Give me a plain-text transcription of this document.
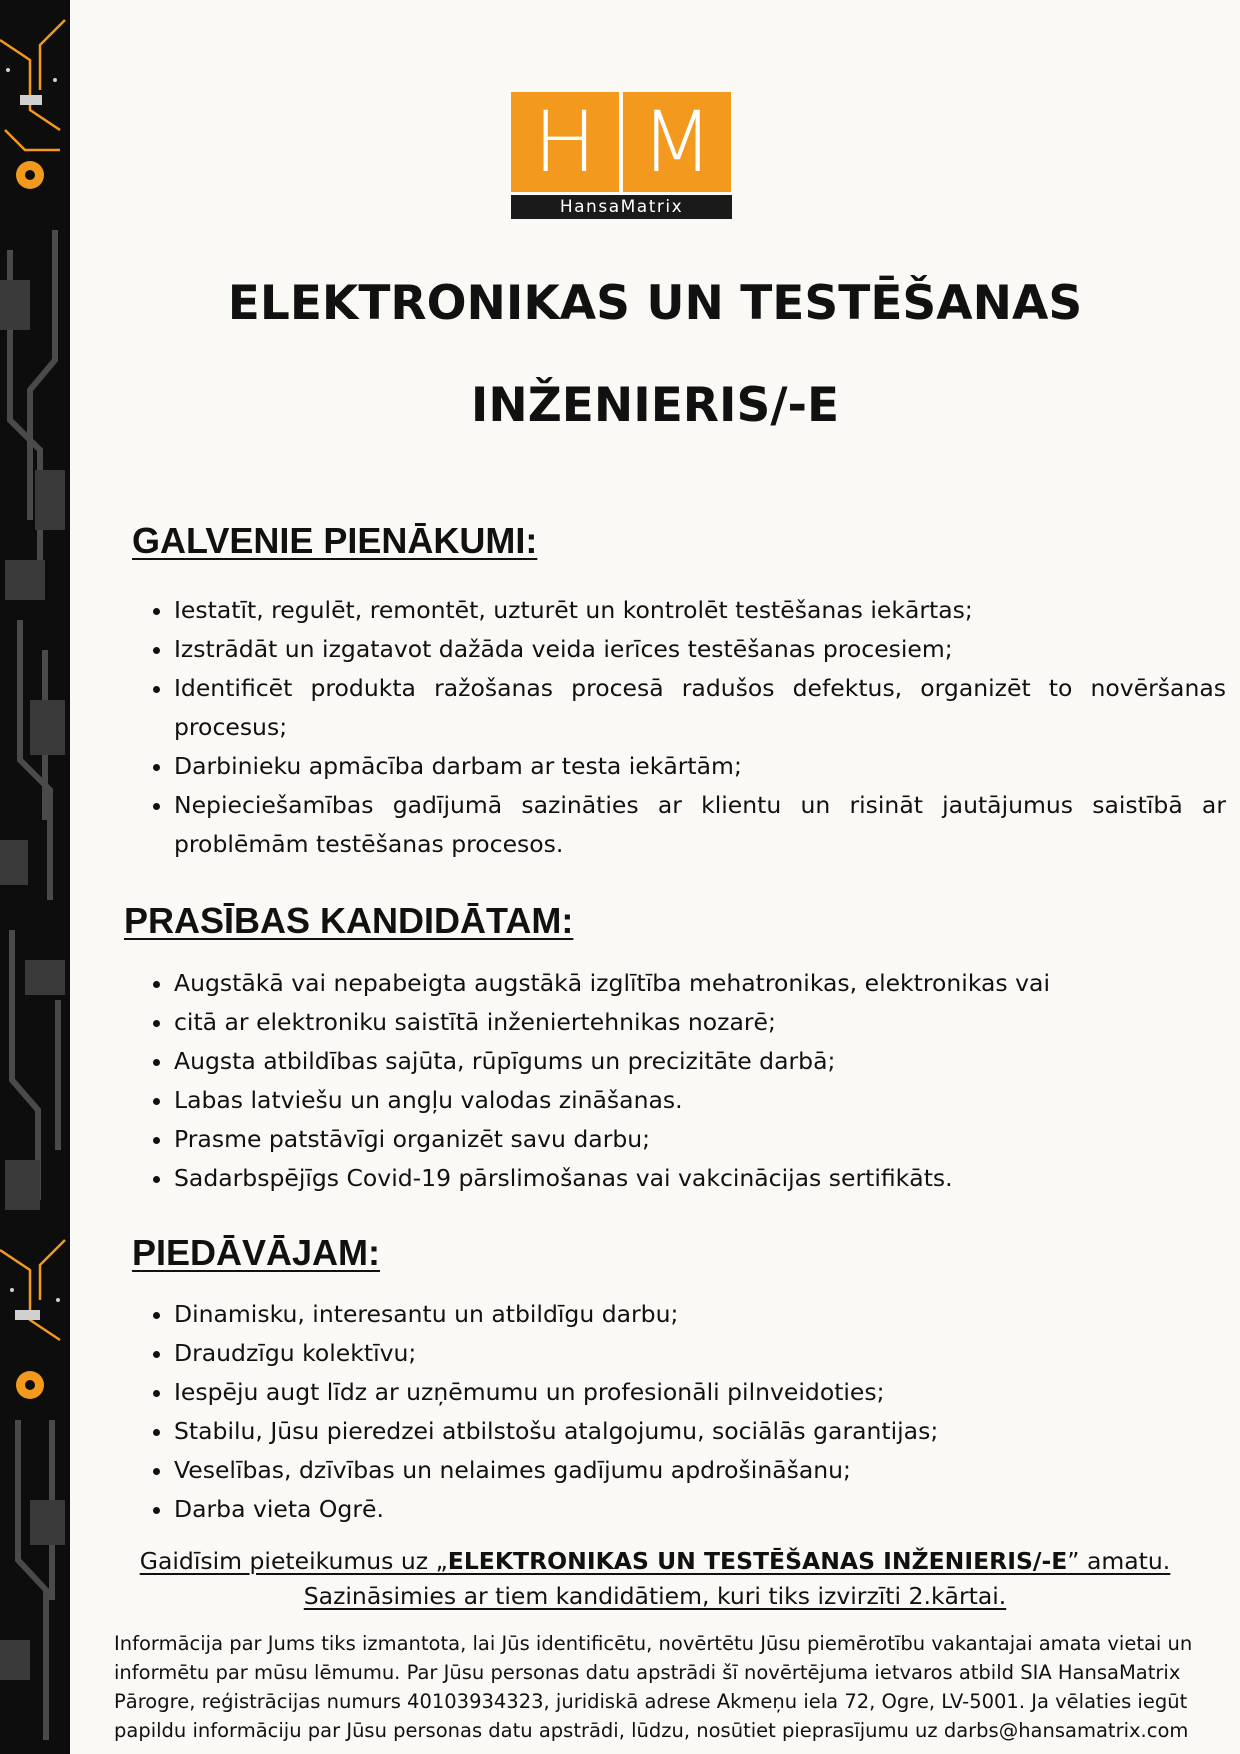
H M
HansaMatrix
ELEKTRONIKAS UN TESTĒŠANAS
INŽENIERIS/-E
GALVENIE PIENĀKUMI:
• Iestatīt, regulēt, remontēt, uzturēt un kontrolēt testēšanas iekārtas;
• Izstrādāt un izgatavot dažāda veida ierīces testēšanas procesiem;
• Identificēt produkta ražošanas procesā radušos defektus, organizēt to novēršanas procesus;
• Darbinieku apmācība darbam ar testa iekārtām;
• Nepieciešamības gadījumā sazināties ar klientu un risināt jautājumus saistībā ar problēmām testēšanas procesos.
PRASĪBAS KANDIDĀTAM:
• Augstākā vai nepabeigta augstākā izglītība mehatronikas, elektronikas vai
• citā ar elektroniku saistītā inženiertehnikas nozarē;
• Augsta atbildības sajūta, rūpīgums un precizitāte darbā;
• Labas latviešu un angļu valodas zināšanas.
• Prasme patstāvīgi organizēt savu darbu;
• Sadarbspējīgs Covid-19 pārslimošanas vai vakcinācijas sertifikāts.
PIEDĀVĀJAM:
• Dinamisku, interesantu un atbildīgu darbu;
• Draudzīgu kolektīvu;
• Iespēju augt līdz ar uzņēmumu un profesionāli pilnveidoties;
• Stabilu, Jūsu pieredzei atbilstošu atalgojumu, sociālās garantijas;
• Veselības, dzīvības un nelaimes gadījumu apdrošināšanu;
• Darba vieta Ogrē.
Gaidīsim pieteikumus uz „ELEKTRONIKAS UN TESTĒŠANAS INŽENIERIS/-E” amatu.
Sazināsimies ar tiem kandidātiem, kuri tiks izvirzīti 2.kārtai.

Informācija par Jums tiks izmantota, lai Jūs identificētu, novērtētu Jūsu piemērotību vakantajai amata vietai un informētu par mūsu lēmumu. Par Jūsu personas datu apstrādi šī novērtējuma ietvaros atbild SIA HansaMatrix Pārogre, reģistrācijas numurs 40103934323, juridiskā adrese Akmeņu iela 72, Ogre, LV-5001. Ja vēlaties iegūt papildu informāciju par Jūsu personas datu apstrādi, lūdzu, nosūtiet pieprasījumu uz darbs@hansamatrix.com
